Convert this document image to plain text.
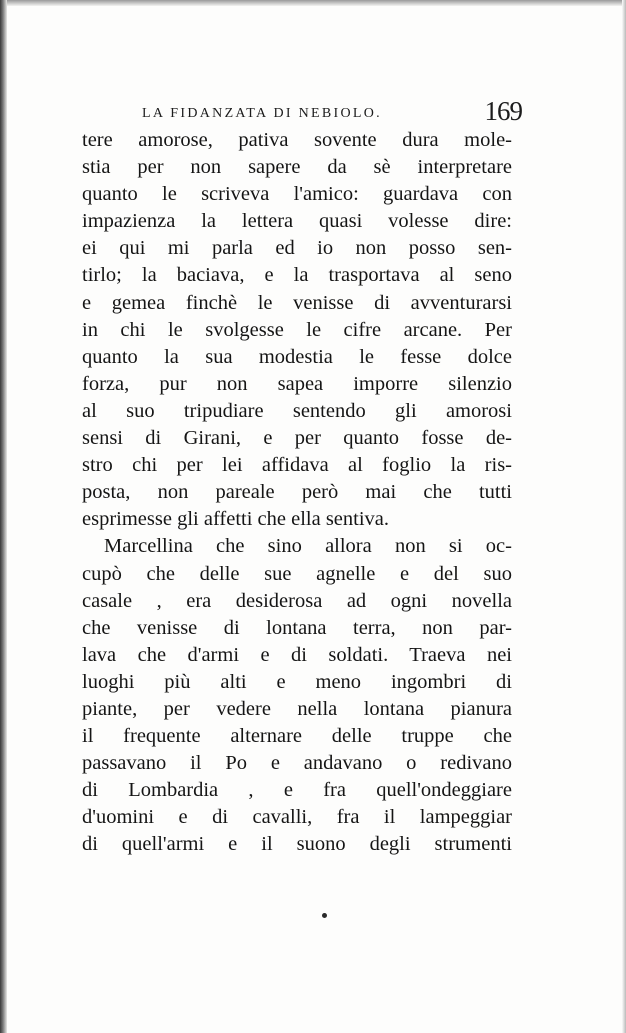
LA FIDANZATA DI NEBIOLO.	169
tere amorose, pativa sovente dura mole-
stia per non sapere da sè interpretare
quanto le scriveva l'amico: guardava con
impazienza la lettera quasi volesse dire:
ei qui mi parla ed io non posso sen-
tirlo; la baciava, e la trasportava al seno
e gemea finchè le venisse di avventurarsi
in chi le svolgesse le cifre arcane. Per
quanto la sua modestia le fesse dolce
forza, pur non sapea imporre silenzio
al suo tripudiare sentendo gli amorosi
sensi di Girani, e per quanto fosse de-
stro chi per lei affidava al foglio la ris-
posta, non pareale però mai che tutti
esprimesse gli affetti che ella sentiva.
Marcellina che sino allora non si oc-
cupò che delle sue agnelle e del suo
casale , era desiderosa ad ogni novella
che venisse di lontana terra, non par-
lava che d'armi e di soldati. Traeva nei
luoghi più alti e meno ingombri di
piante, per vedere nella lontana pianura
il frequente alternare delle truppe che
passavano il Po e andavano o redivano
di Lombardia , e fra quell'ondeggiare
d'uomini e di cavalli, fra il lampeggiar
di quell'armi e il suono degli strumenti
